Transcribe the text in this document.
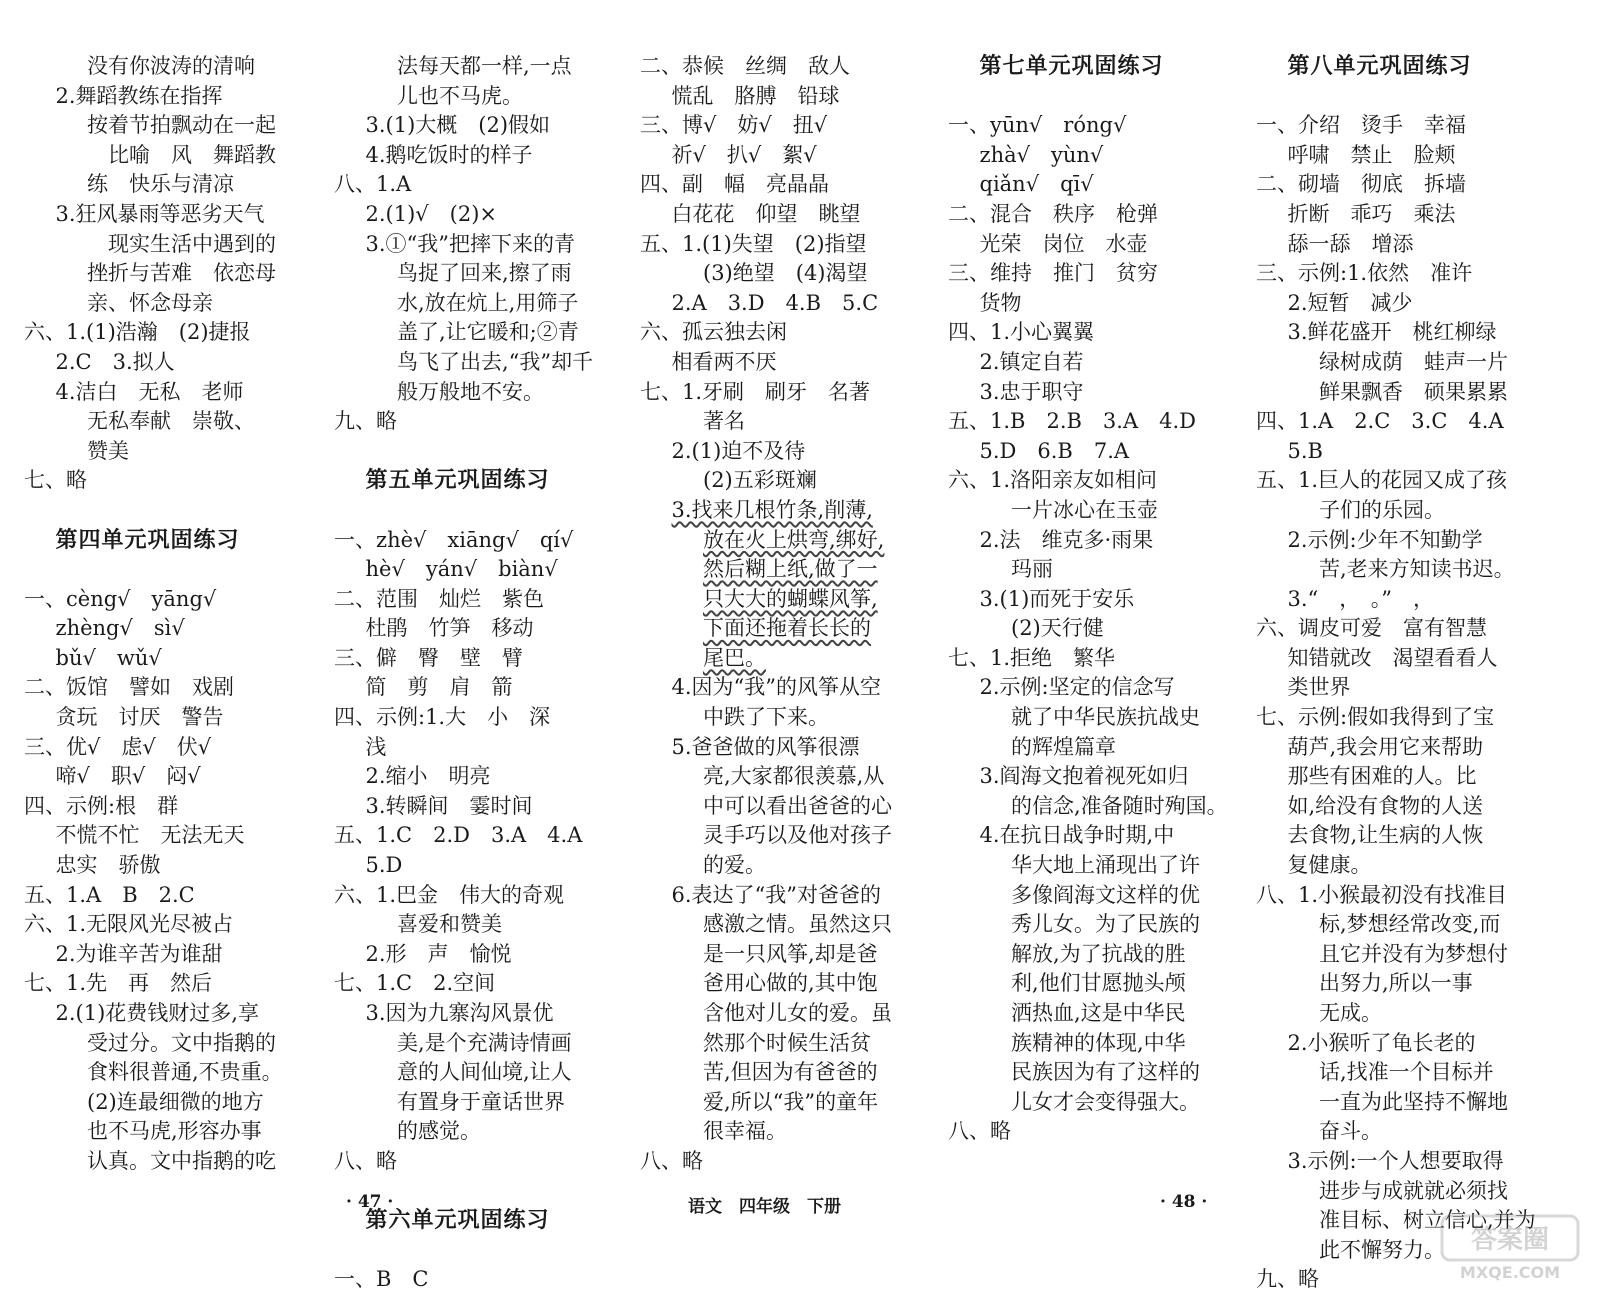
没有你波涛的清响
2.舞蹈教练在指挥
按着节拍飘动在一起
比喻　风　舞蹈教
练　快乐与清凉
3.狂风暴雨等恶劣天气
现实生活中遇到的
挫折与苦难　依恋母
亲、怀念母亲
六、1.(1)浩瀚　(2)捷报
2.C　3.拟人
4.洁白　无私　老师
无私奉献　崇敬、
赞美
七、略
第四单元巩固练习
一、cèng√　yāng√
zhèng√　sì√
bǔ√　wǔ√
二、饭馆　譬如　戏剧
贪玩　讨厌　警告
三、优√　虑√　伏√
啼√　职√　闷√
四、示例:根　群
不慌不忙　无法无天
忠实　骄傲
五、1.A　B　2.C
六、1.无限风光尽被占
2.为谁辛苦为谁甜
七、1.先　再　然后
2.(1)花费钱财过多,享
受过分。文中指鹅的
食料很普通,不贵重。
(2)连最细微的地方
也不马虎,形容办事
认真。文中指鹅的吃
法每天都一样,一点
儿也不马虎。
3.(1)大概　(2)假如
4.鹅吃饭时的样子
八、1.A
2.(1)√　(2)×
3.①“我”把摔下来的青
鸟捉了回来,擦了雨
水,放在炕上,用筛子
盖了,让它暖和;②青
鸟飞了出去,“我”却千
般万般地不安。
九、略
第五单元巩固练习
一、zhè√　xiāng√　qí√
hè√　yán√　biàn√
二、范围　灿烂　紫色
杜鹃　竹笋　移动
三、僻　臀　壁　臂
简　剪　肩　箭
四、示例:1.大　小　深
浅
2.缩小　明亮
3.转瞬间　霎时间
五、1.C　2.D　3.A　4.A
5.D
六、1.巴金　伟大的奇观
喜爱和赞美
2.形　声　愉悦
七、1.C　2.空间
3.因为九寨沟风景优
美,是个充满诗情画
意的人间仙境,让人
有置身于童话世界
的感觉。
八、略
第六单元巩固练习
一、B　C
二、恭候　丝绸　敌人
慌乱　胳膊　铅球
三、博√　妨√　扭√
祈√　扒√　絮√
四、副　幅　亮晶晶
白花花　仰望　眺望
五、1.(1)失望　(2)指望
(3)绝望　(4)渴望
2.A　3.D　4.B　5.C
六、孤云独去闲
相看两不厌
七、1.牙刷　刷牙　名著
著名
2.(1)迫不及待
(2)五彩斑斓
3.找来几根竹条,削薄,
放在火上烘弯,绑好,
然后糊上纸,做了一
只大大的蝴蝶风筝,
下面还拖着长长的
尾巴。
4.因为“我”的风筝从空
中跌了下来。
5.爸爸做的风筝很漂
亮,大家都很羡慕,从
中可以看出爸爸的心
灵手巧以及他对孩子
的爱。
6.表达了“我”对爸爸的
感激之情。虽然这只
是一只风筝,却是爸
爸用心做的,其中饱
含他对儿女的爱。虽
然那个时候生活贫
苦,但因为有爸爸的
爱,所以“我”的童年
很幸福。
八、略
第七单元巩固练习
一、yūn√　róng√
zhà√　yùn√
qiǎn√　qī√
二、混合　秩序　枪弹
光荣　岗位　水壶
三、维持　推门　贫穷
货物
四、1.小心翼翼
2.镇定自若
3.忠于职守
五、1.B　2.B　3.A　4.D
5.D　6.B　7.A
六、1.洛阳亲友如相问
一片冰心在玉壶
2.法　维克多·雨果
玛丽
3.(1)而死于安乐
(2)天行健
七、1.拒绝　繁华
2.示例:坚定的信念写
就了中华民族抗战史
的辉煌篇章
3.阎海文抱着视死如归
的信念,准备随时殉国。
4.在抗日战争时期,中
华大地上涌现出了许
多像阎海文这样的优
秀儿女。为了民族的
解放,为了抗战的胜
利,他们甘愿抛头颅
洒热血,这是中华民
族精神的体现,中华
民族因为有了这样的
儿女才会变得强大。
八、略
第八单元巩固练习
一、介绍　烫手　幸福
呼啸　禁止　脸颊
二、砌墙　彻底　拆墙
折断　乖巧　乘法
舔一舔　增添
三、示例:1.依然　准许
2.短暂　减少
3.鲜花盛开　桃红柳绿
绿树成荫　蛙声一片
鲜果飘香　硕果累累
四、1.A　2.C　3.C　4.A
5.B
五、1.巨人的花园又成了孩
子们的乐园。
2.示例:少年不知勤学
苦,老来方知读书迟。
3.“　，　。”　，
六、调皮可爱　富有智慧
知错就改　渴望看看人
类世界
七、示例:假如我得到了宝
葫芦,我会用它来帮助
那些有困难的人。比
如,给没有食物的人送
去食物,让生病的人恢
复健康。
八、1.小猴最初没有找准目
标,梦想经常改变,而
且它并没有为梦想付
出努力,所以一事
无成。
2.小猴听了龟长老的
话,找准一个目标并
一直为此坚持不懈地
奋斗。
3.示例:一个人想要取得
进步与成就就必须找
准目标、树立信心,并为
此不懈努力。
九、略
· 47 ·	语文　四年级　下册	· 48 ·
答案圈
MXQE.COM
